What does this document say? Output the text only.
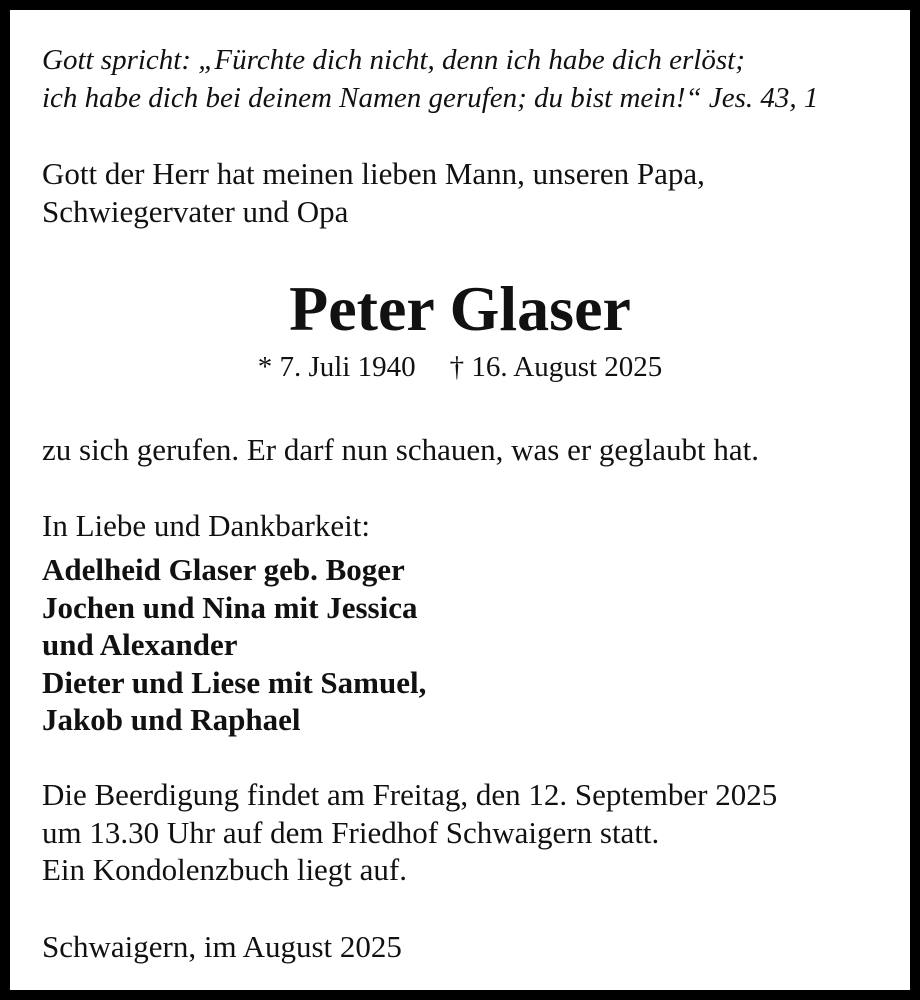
Gott spricht: „Fürchte dich nicht, denn ich habe dich erlöst;
ich habe dich bei deinem Namen gerufen; du bist mein!“ Jes. 43, 1
Gott der Herr hat meinen lieben Mann, unseren Papa,
Schwiegervater und Opa
Peter Glaser
* 7. Juli 1940 † 16. August 2025
zu sich gerufen. Er darf nun schauen, was er geglaubt hat.
In Liebe und Dankbarkeit:
Adelheid Glaser geb. Boger
Jochen und Nina mit Jessica
und Alexander
Dieter und Liese mit Samuel,
Jakob und Raphael
Die Beerdigung findet am Freitag, den 12. September 2025
um 13.30 Uhr auf dem Friedhof Schwaigern statt.
Ein Kondolenzbuch liegt auf.
Schwaigern, im August 2025
